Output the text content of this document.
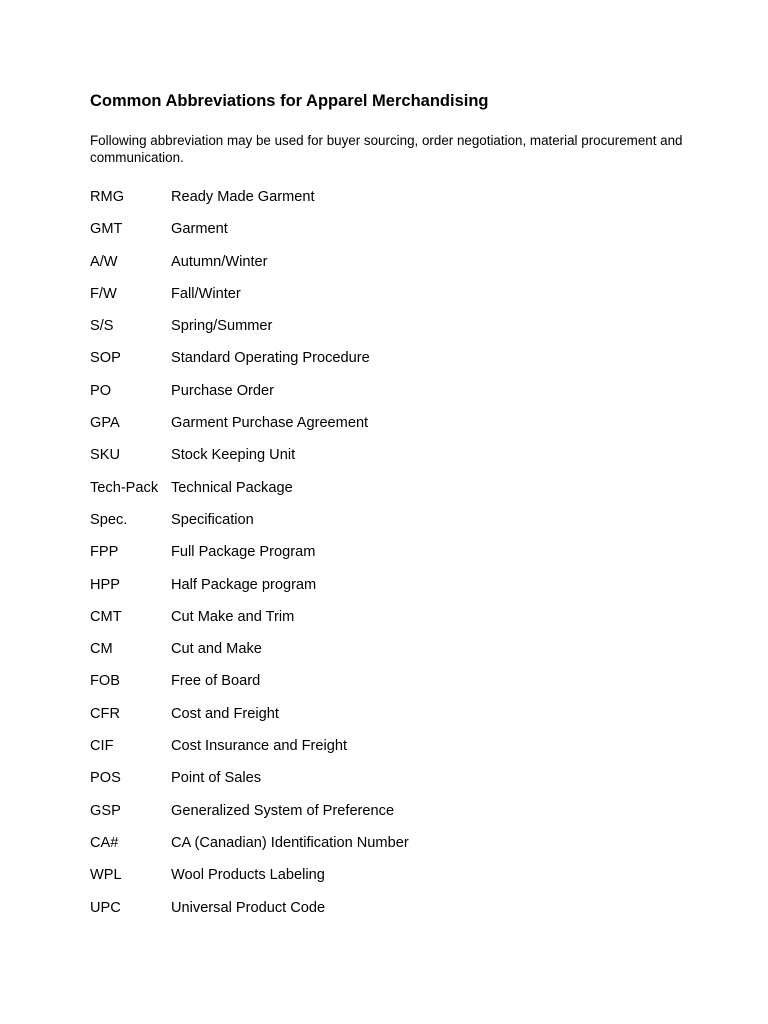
Common Abbreviations for Apparel Merchandising
Following abbreviation may be used for buyer sourcing, order negotiation, material procurement and communication.
RMG	Ready Made Garment
GMT	Garment
A/W	Autumn/Winter
F/W	Fall/Winter
S/S	Spring/Summer
SOP	Standard Operating Procedure
PO	Purchase Order
GPA	Garment Purchase Agreement
SKU	Stock Keeping Unit
Tech-Pack Technical Package
Spec.	Specification
FPP	Full Package Program
HPP	Half Package program
CMT	Cut Make and Trim
CM	Cut and Make
FOB	Free of Board
CFR	Cost and Freight
CIF	Cost Insurance and Freight
POS	Point of Sales
GSP	Generalized System of Preference
CA#	CA (Canadian) Identification Number
WPL	Wool Products Labeling
UPC	Universal Product Code
